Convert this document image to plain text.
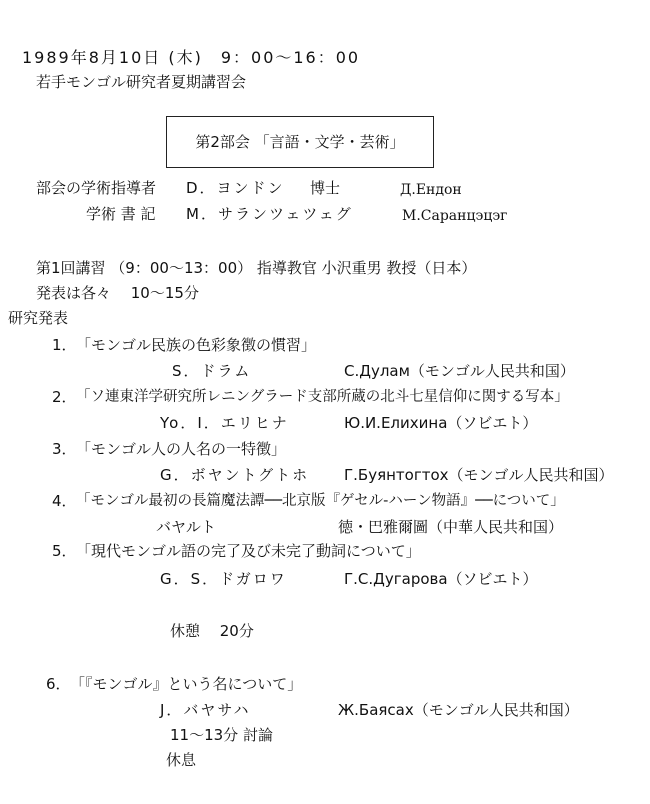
1989年8月10日 (木)　9：00～16：00
若手モンゴル研究者夏期講習会
第2部会 「言語・文学・芸術」
部会の学術指導者 D．ヨンドン 博士	Д.Ендон
学術 書 記 M．サランツェツェグ	М.Саранцэцэг
第1回講習 （9：00～13：00） 指導教官 小沢重男 教授（日本）
発表は各々　 10～15分
研究発表
1． 「モンゴル民族の色彩象徴の慣習」
S．ドラム	С.Дулам（モンゴル人民共和国）
2． 「ソ連東洋学研究所レニングラード支部所蔵の北斗七星信仰に関する写本」
Yo．I．エリヒナ	Ю.И.Елихина（ソビエト）
3． 「モンゴル人の人名の一特徴」
G．ボヤントグトホ Г.Буянтогтох（モンゴル人民共和国）
4． 「モンゴル最初の長篇魔法譚──北京版『ゲセル-ハーン物語』──について」
バヤルト	徳・巴雅爾圖（中華人民共和国）
5． 「現代モンゴル語の完了及び未完了動詞について」
G．S．ドガロワ	Г.С.Дугарова（ソビエト）
休憩　 20分
6． 「『モンゴル』という名について」
J．バヤサハ	Ж.Баясах（モンゴル人民共和国）
11～13分 討論
休息
